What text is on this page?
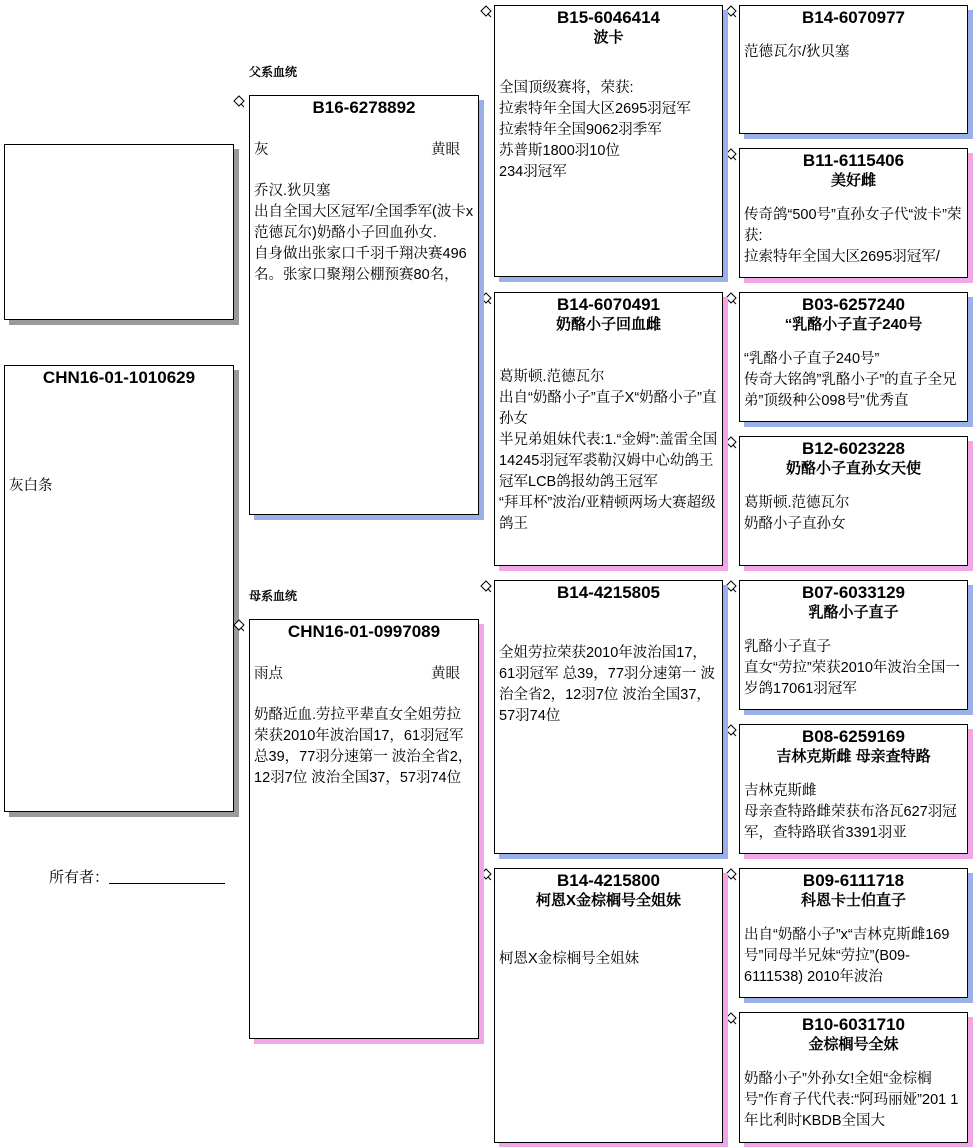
CHN16-01-1010629
灰白条
所有者：
父系血统
母系血统
B16-6278892
灰	黄眼
乔汉.狄贝塞
出自全国大区冠军/全国季军(波卡x范德瓦尔)奶酪小子回血孙女.
自身做出张家口千羽千翔决赛496名。张家口聚翔公棚预赛80名，
CHN16-01-0997089
雨点	黄眼
奶酪近血.劳拉平辈直女全姐劳拉荣获2010年波治国17，61羽冠军 总39，77羽分速第一 波治全省2，12羽7位 波治全国37，57羽74位
B15-6046414
波卡
全国顶级赛将，荣获:
拉索特年全国大区2695羽冠军
拉索特年全国9062羽季军
苏普斯1800羽10位
234羽冠军
B14-6070491
奶酪小子回血雌
葛斯顿.范德瓦尔
出自“奶酪小子”直子X“奶酪小子”直孙女
半兄弟姐妹代表:1.“金姆”:盖雷全国14245羽冠军裘勒汉姆中心幼鸽王冠军LCB鸽报幼鸽王冠军
“拜耳杯”波治/亚精顿两场大赛超级鸽王
B14-4215805
全姐劳拉荣获2010年波治国17，61羽冠军 总39，77羽分速第一 波治全省2，12羽7位 波治全国37，57羽74位
B14-4215800
柯恩X金棕榈号全姐妹
柯恩X金棕榈号全姐妹
B14-6070977
范德瓦尔/狄贝塞
B11-6115406
美好雌
传奇鸽“500号”直孙女子代“波卡”荣获:
拉索特年全国大区2695羽冠军/
B03-6257240
“乳酪小子直子240号
“乳酪小子直子240号”
传奇大铭鸽”乳酪小子”的直子全兄弟”顶级种公098号”优秀直
B12-6023228
奶酪小子直孙女天使
葛斯顿.范德瓦尔
奶酪小子直孙女
B07-6033129
乳酪小子直子
乳酪小子直子
直女“劳拉”荣获2010年波治全国一岁鸽17061羽冠军
B08-6259169
吉林克斯雌 母亲查特路
吉林克斯雌
母亲查特路雌荣获布洛瓦627羽冠军，查特路联省3391羽亚
B09-6111718
科恩卡士伯直子
出自“奶酪小子”x“吉林克斯雌169号”同母半兄妹“劳拉”(B09-6111538) 2010年波治
B10-6031710
金棕榈号全妹
奶酪小子”外孙女!全姐“金棕榈号”作育子代代表:“阿玛丽娅”201 1年比利时KBDB全国大
